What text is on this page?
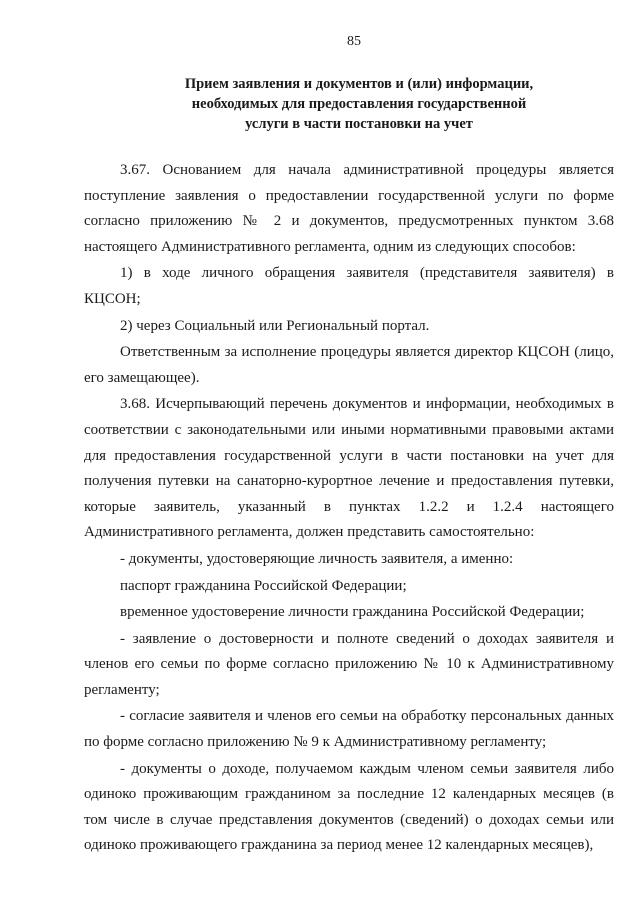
85
Прием заявления и документов и (или) информации,
необходимых для предоставления государственной
услуги в части постановки на учет

3.67. Основанием для начала административной процедуры является поступление заявления о предоставлении государственной услуги по форме согласно приложению № 2 и документов, предусмотренных пунктом 3.68 настоящего Административного регламента, одним из следующих способов:

1) в ходе личного обращения заявителя (представителя заявителя) в КЦСОН;

2) через Социальный или Региональный портал.

Ответственным за исполнение процедуры является директор КЦСОН (лицо, его замещающее).

3.68. Исчерпывающий перечень документов и информации, необходимых в соответствии с законодательными или иными нормативными правовыми актами для предоставления государственной услуги в части постановки на учет для получения путевки на санаторно-курортное лечение и предоставления путевки, которые заявитель, указанный в пунктах 1.2.2 и 1.2.4 настоящего Административного регламента, должен представить самостоятельно:

- документы, удостоверяющие личность заявителя, а именно:

паспорт гражданина Российской Федерации;

временное удостоверение личности гражданина Российской Федерации;

- заявление о достоверности и полноте сведений о доходах заявителя и членов его семьи по форме согласно приложению № 10 к Административному регламенту;

- согласие заявителя и членов его семьи на обработку персональных данных по форме согласно приложению № 9 к Административному регламенту;

- документы о доходе, получаемом каждым членом семьи заявителя либо одиноко проживающим гражданином за последние 12 календарных месяцев (в том числе в случае представления документов (сведений) о доходах семьи или одиноко проживающего гражданина за период менее 12 календарных месяцев),
